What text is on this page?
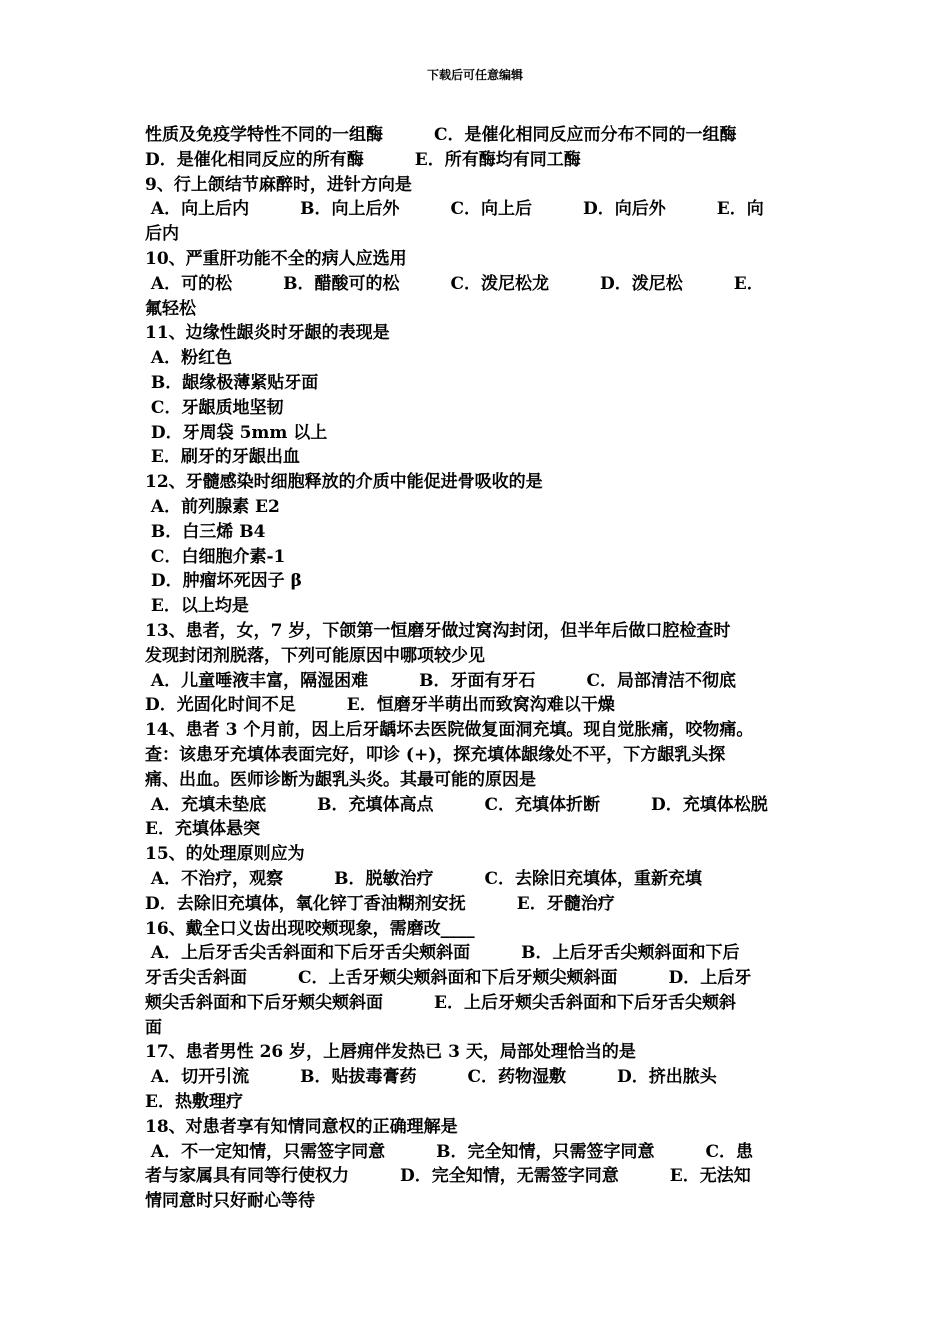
下载后可任意编辑
性质及免疫学特性不同的一组酶　　　C．是催化相同反应而分布不同的一组酶
D．是催化相同反应的所有酶　　　E．所有酶均有同工酶
9、行上颌结节麻醉时，进针方向是
A．向上后内　　　B．向上后外　　　C．向上后　　　D．向后外　　　E．向
后内
10、严重肝功能不全的病人应选用
A．可的松　　　B．醋酸可的松　　　C．泼尼松龙　　　D．泼尼松　　　E．
氟轻松
11、边缘性龈炎时牙龈的表现是
A．粉红色
B．龈缘极薄紧贴牙面
C．牙龈质地坚韧
D．牙周袋 5mm 以上
E．刷牙的牙龈出血
12、牙髓感染时细胞释放的介质中能促进骨吸收的是
A．前列腺素 E2
B．白三烯 B4
C．白细胞介素-1
D．肿瘤坏死因子 β
E．以上均是
13、患者，女，7 岁，下颌第一恒磨牙做过窝沟封闭，但半年后做口腔检查时
发现封闭剂脱落，下列可能原因中哪项较少见
A．儿童唾液丰富，隔湿困难　　　B．牙面有牙石　　　C．局部清洁不彻底
D．光固化时间不足　　　E．恒磨牙半萌出而致窝沟难以干燥
14、患者 3 个月前，因上后牙龋坏去医院做复面洞充填。现自觉胀痛，咬物痛。
查：该患牙充填体表面完好，叩诊 (+)，探充填体龈缘处不平，下方龈乳头探
痛、出血。医师诊断为龈乳头炎。其最可能的原因是
A．充填未垫底　　　B．充填体高点　　　C．充填体折断　　　D．充填体松脱
E．充填体悬突
15、的处理原则应为
A．不治疗，观察　　　B．脱敏治疗　　　C．去除旧充填体，重新充填
D．去除旧充填体，氧化锌丁香油糊剂安抚　　　E．牙髓治疗
16、戴全口义齿出现咬颊现象，需磨改____
A．上后牙舌尖舌斜面和下后牙舌尖颊斜面　　　B．上后牙舌尖颊斜面和下后
牙舌尖舌斜面　　　C．上舌牙颊尖颊斜面和下后牙颊尖颊斜面　　　D．上后牙
颊尖舌斜面和下后牙颊尖颊斜面　　　E．上后牙颊尖舌斜面和下后牙舌尖颊斜
面
17、患者男性 26 岁，上唇痈伴发热已 3 天，局部处理恰当的是
A．切开引流　　　B．贴拔毒膏药　　　C．药物湿敷　　　D．挤出脓头
E．热敷理疗
18、对患者享有知情同意权的正确理解是
A．不一定知情，只需签字同意　　　B．完全知情，只需签字同意　　　C．患
者与家属具有同等行使权力　　　D．完全知情，无需签字同意　　　E．无法知
情同意时只好耐心等待
